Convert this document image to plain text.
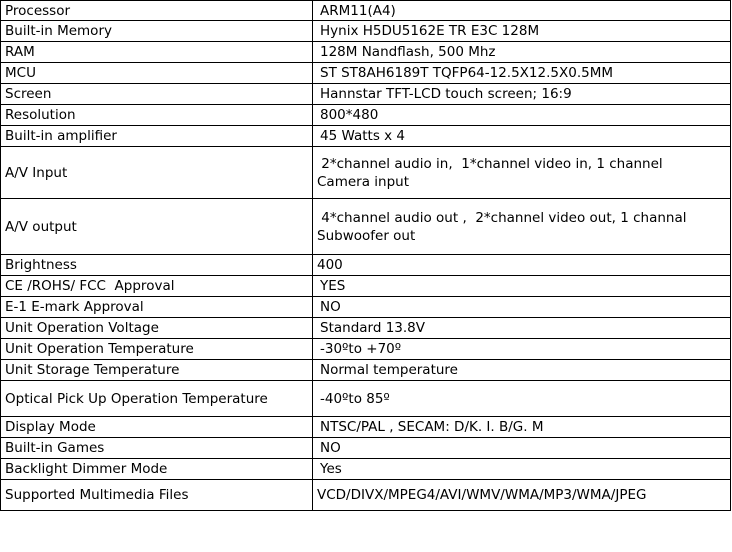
Processor	ARM11(A4)
Built-in Memory	Hynix H5DU5162E TR E3C 128M
RAM	128M Nandflash, 500 Mhz
MCU	ST ST8AH6189T TQFP64-12.5X12.5X0.5MM
Screen	Hannstar TFT-LCD touch screen; 16:9
Resolution	800*480
Built-in amplifier	45 Watts x 4
A/V Input	2*channel audio in,  1*channel video in, 1 channel
Camera input
A/V output	4*channel audio out ,  2*channel video out, 1 channal
Subwoofer out
Brightness	400
CE /ROHS/ FCC  Approval	YES
E-1 E-mark Approval	NO
Unit Operation Voltage	Standard 13.8V
Unit Operation Temperature	-30ºto +70º
Unit Storage Temperature	Normal temperature
Optical Pick Up Operation Temperature	-40ºto 85º
Display Mode	NTSC/PAL , SECAM: D/K. I. B/G. M
Built-in Games	NO
Backlight Dimmer Mode	Yes
Supported Multimedia Files	VCD/DIVX/MPEG4/AVI/WMV/WMA/MP3/WMA/JPEG
